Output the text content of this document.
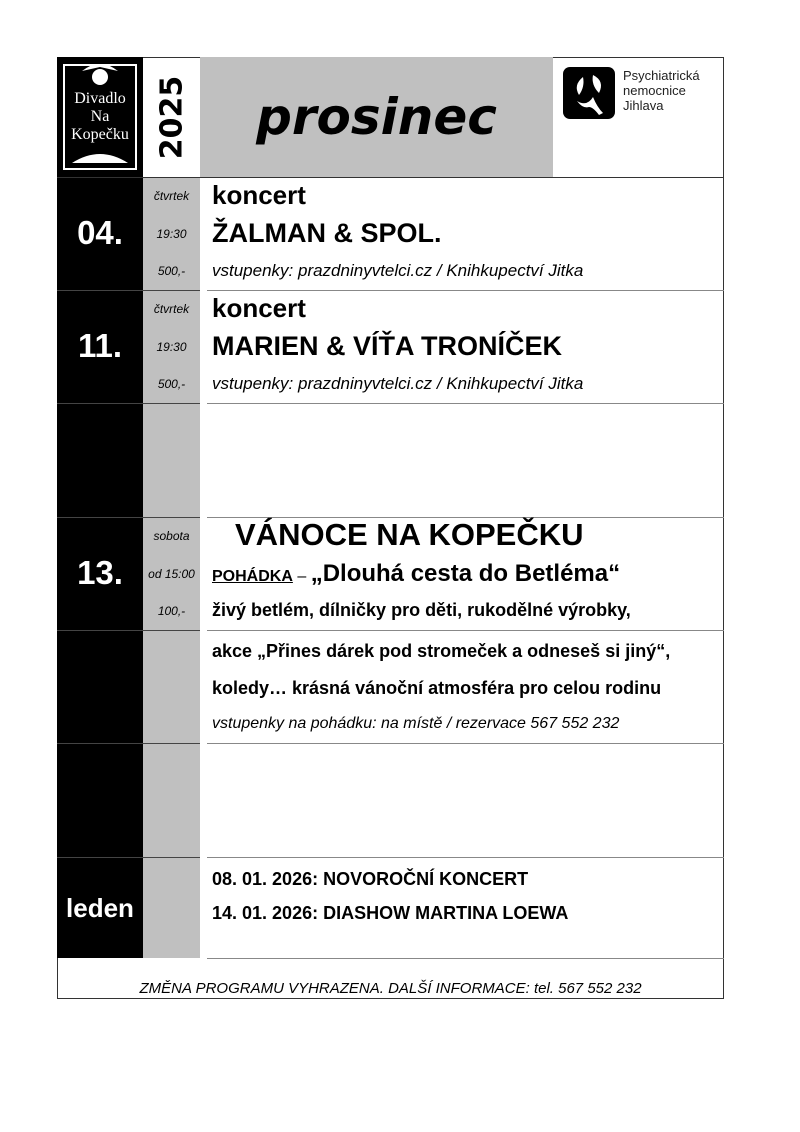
Divadlo
Na
Kopečku 2025 prosinec
Psychiatrická
nemocnice
Jihlava
04.
čtvrtek
19:30
500,-
koncert
ŽALMAN & SPOL.
vstupenky: prazdninyvtelci.cz / Knihkupectví Jitka
11.
čtvrtek
19:30
500,-
koncert
MARIEN & VÍŤA TRONÍČEK
vstupenky: prazdninyvtelci.cz / Knihkupectví Jitka
13.
sobota
od 15:00
100,-
VÁNOCE NA KOPEČKU
POHÁDKA – „Dlouhá cesta do Betléma“
živý betlém, dílničky pro děti, rukodělné výrobky,
akce „Přines dárek pod stromeček a odneseš si jiný“,
koledy… krásná vánoční atmosféra pro celou rodinu
vstupenky na pohádku: na místě / rezervace 567 552 232
leden
08. 01. 2026: NOVOROČNÍ KONCERT
14. 01. 2026: DIASHOW MARTINA LOEWA
ZMĚNA PROGRAMU VYHRAZENA. DALŠÍ INFORMACE: tel. 567 552 232
